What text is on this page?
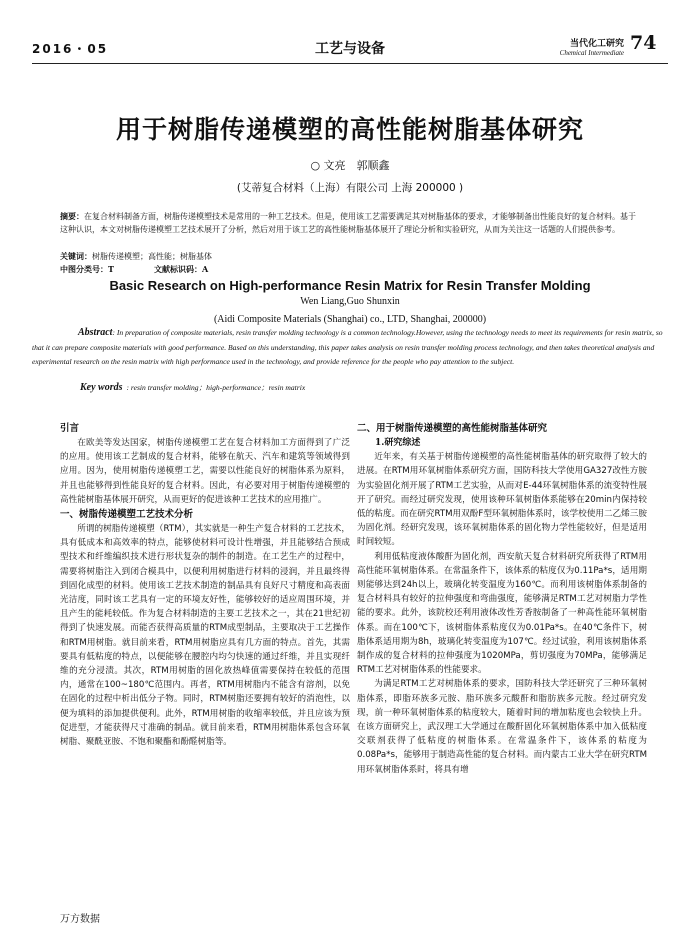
2016・05	工艺与设备	当代化工研究
Chemical Intermediate 74
用于树脂传递模塑的高性能树脂基体研究
○ 文亮　郭顺鑫
(艾蒂复合材料（上海）有限公司 上海 200000 )
摘要：在复合材料制备方面，树脂传递模塑技术是常用的一种工艺技术。但是，使用该工艺需要满足其对树脂基体的要求，才能够制备出性能良好的复合材料。基于这种认识，本文对树脂传递模塑工艺技术展开了分析，然后对用于该工艺的高性能树脂基体展开了理论分析和实验研究，从而为关注这一话题的人们提供参考。
关键词：树脂传递模塑；高性能；树脂基体
中图分类号：T	文献标识码：A
Basic Research on High-performance Resin Matrix for Resin Transfer Molding
Wen Liang,Guo Shunxin
(Aidi Composite Materials (Shanghai) co., LTD, Shanghai, 200000)
Abstract: In preparation of composite materials, resin transfer molding technology is a common technology.However, using the technology needs to meet its requirements for resin matrix, so that it can prepare composite materials with good performance. Based on this understanding, this paper takes analysis on resin transfer molding process technology, and then takes theoretical analysis and experimental research on the resin matrix with high performance used in the technology, and provide reference for the people who pay attention to the subject.
Key words : resin transfer molding；high-performance；resin matrix
引言

在欧美等发达国家，树脂传递模塑工艺在复合材料加工方面得到了广泛的应用。使用该工艺制成的复合材料，能够在航天、汽车和建筑等领域得到应用。因为，使用树脂传递模塑工艺，需要以性能良好的树脂体系为原料，并且也能够得到性能良好的复合材料。因此，有必要对用于树脂传递模塑的高性能树脂基体展开研究，从而更好的促进该种工艺技术的应用推广。

一、树脂传递模塑工艺技术分析

所谓的树脂传递模塑（RTM），其实就是一种生产复合材料的工艺技术，具有低成本和高效率的特点，能够使材料可设计性增强，并且能够结合预成型技术和纤维编织技术进行形状复杂的制件的制造。在工艺生产的过程中，需要将树脂注入到闭合模具中，以便利用树脂进行材料的浸润，并且最终得到固化成型的材料。使用该工艺技术制造的制品具有良好尺寸精度和高表面光洁度，同时该工艺具有一定的环境友好性，能够较好的适应周围环境，并且产生的能耗较低。作为复合材料制造的主要工艺技术之一，其在21世纪初得到了快速发展。而能否获得高质量的RTM成型制品，主要取决于工艺操作和RTM用树脂。就目前来看，RTM用树脂应具有几方面的特点。首先，其需要具有低粘度的特点，以便能够在腰腔内均匀快速的通过纤维，并且实现纤维的充分浸渍。其次，RTM用树脂的固化放热峰值需要保持在较低的范围内，通常在100~180℃范围内。再者，RTM用树脂内不能含有溶剂，以免在固化的过程中析出低分子物。同时，RTM树脂还要拥有较好的消泡性，以便为填料的添加提供便利。此外，RTM用树脂的收缩率较低，并且应该为预促进型，才能获得尺寸准确的制品。就目前来看，RTM用树脂体系包含环氧树脂、聚酰亚胺、不饱和聚酯和酚醛树脂等。

二、用于树脂传递模塑的高性能树脂基体研究
1.研究综述

近年来，有关基于树脂传递模塑的高性能树脂基体的研究取得了较大的进展。在RTM用环氧树脂体系研究方面，国防科技大学使用GA327改性方胺为实验固化剂开展了RTM工艺实验，从而对E-44环氧树脂体系的流变特性展开了研究。而经过研究发现，使用该种环氧树脂体系能够在20min内保持较低的粘度。而在研究RTM用双酚F型环氧树脂体系时，该学校使用二乙烯三胺为固化剂。经研究发现，该环氧树脂体系的固化物力学性能较好，但是适用时间较短。

利用低粘度液体酸酐为固化剂，西安航天复合材料研究所获得了RTM用高性能环氧树脂体系。在常温条件下，该体系的粘度仅为0.11Pa*s，适用期则能够达到24h以上，玻璃化转变温度为160℃。而利用该树脂体系制备的复合材料具有较好的拉伸强度和弯曲强度，能够满足RTM工艺对树脂力学性能的要求。此外，该院校还利用液体改性芳香胺制备了一种高性能环氧树脂体系。而在100℃下，该树脂体系粘度仅为0.01Pa*s。在40℃条件下，树脂体系适用期为8h，玻璃化转变温度为107℃。经过试验，利用该树脂体系制作成的复合材料的拉伸强度为1020MPa，剪切强度为70MPa，能够满足RTM工艺对树脂体系的性能要求。

为满足RTM工艺对树脂体系的要求，国防科技大学还研究了三种环氧树脂体系，即脂环族多元胺、脂环族多元酸酐和脂肪族多元胺。经过研究发现，前一种环氧树脂体系的粘度较大，随着时间的增加粘度也会较快上升。在该方面研究上，武汉理工大学通过在酸酐固化环氧树脂体系中加入低粘度交联剂获得了低粘度的树脂体系。在常温条件下，该体系的粘度为0.08Pa*s，能够用于制造高性能的复合材料。而内蒙古工业大学在研究RTM用环氧树脂体系时，将具有增

万方数据
